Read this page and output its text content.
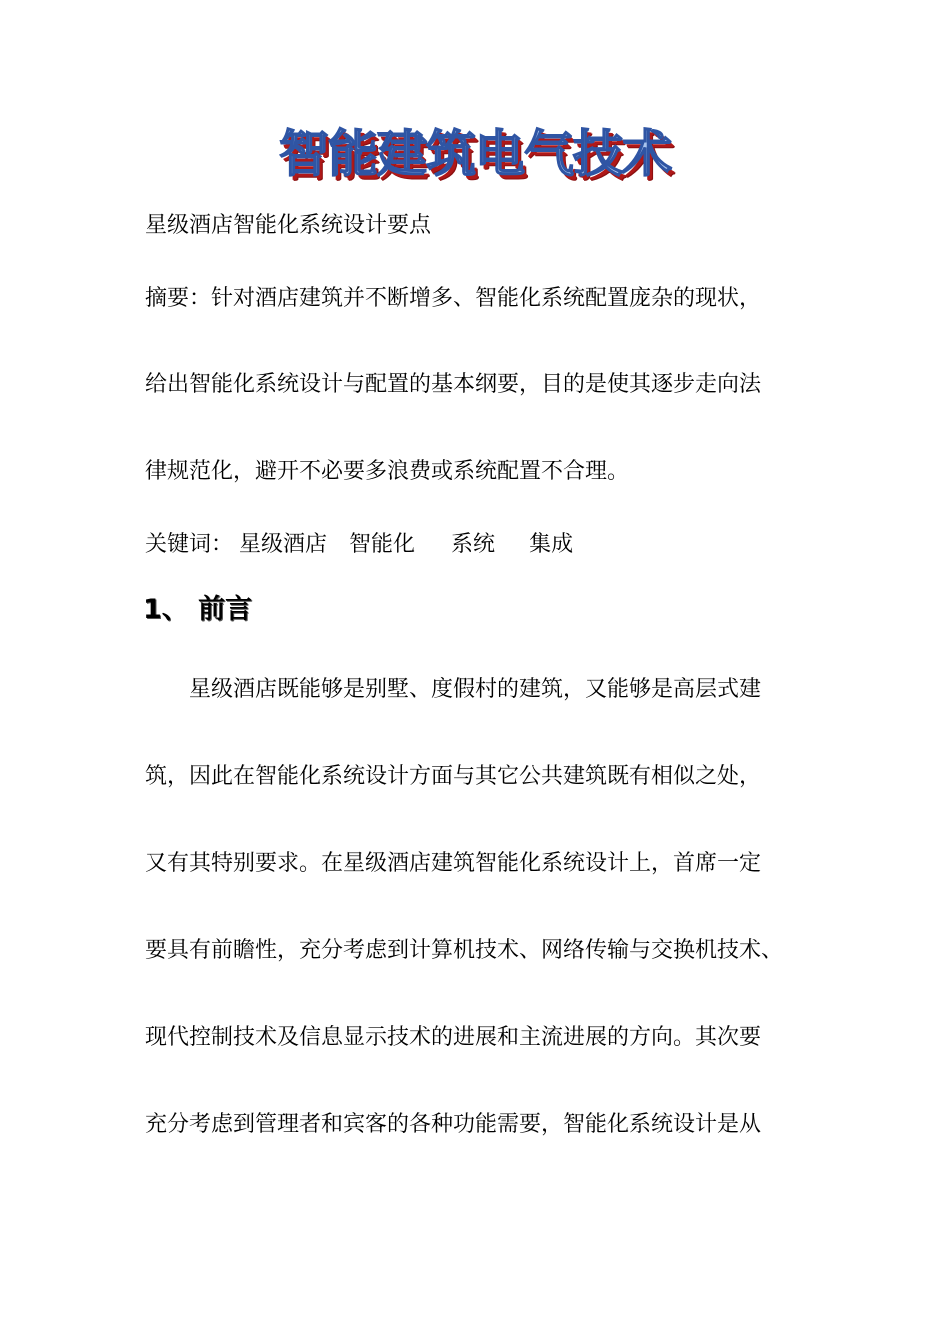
智能建筑电气技术
星级酒店智能化系统设计要点
摘要：针对酒店建筑并不断增多、智能化系统配置庞杂的现状，
给出智能化系统设计与配置的基本纲要，目的是使其逐步走向法
律规范化，避开不必要多浪费或系统配置不合理。
关键词： 星级酒店 智能化 系统 集成
1、 前言
星级酒店既能够是别墅、度假村的建筑，又能够是高层式建
筑，因此在智能化系统设计方面与其它公共建筑既有相似之处，
又有其特别要求。在星级酒店建筑智能化系统设计上，首席一定
要具有前瞻性，充分考虑到计算机技术、网络传输与交换机技术、
现代控制技术及信息显示技术的进展和主流进展的方向。其次要
充分考虑到管理者和宾客的各种功能需要，智能化系统设计是从
